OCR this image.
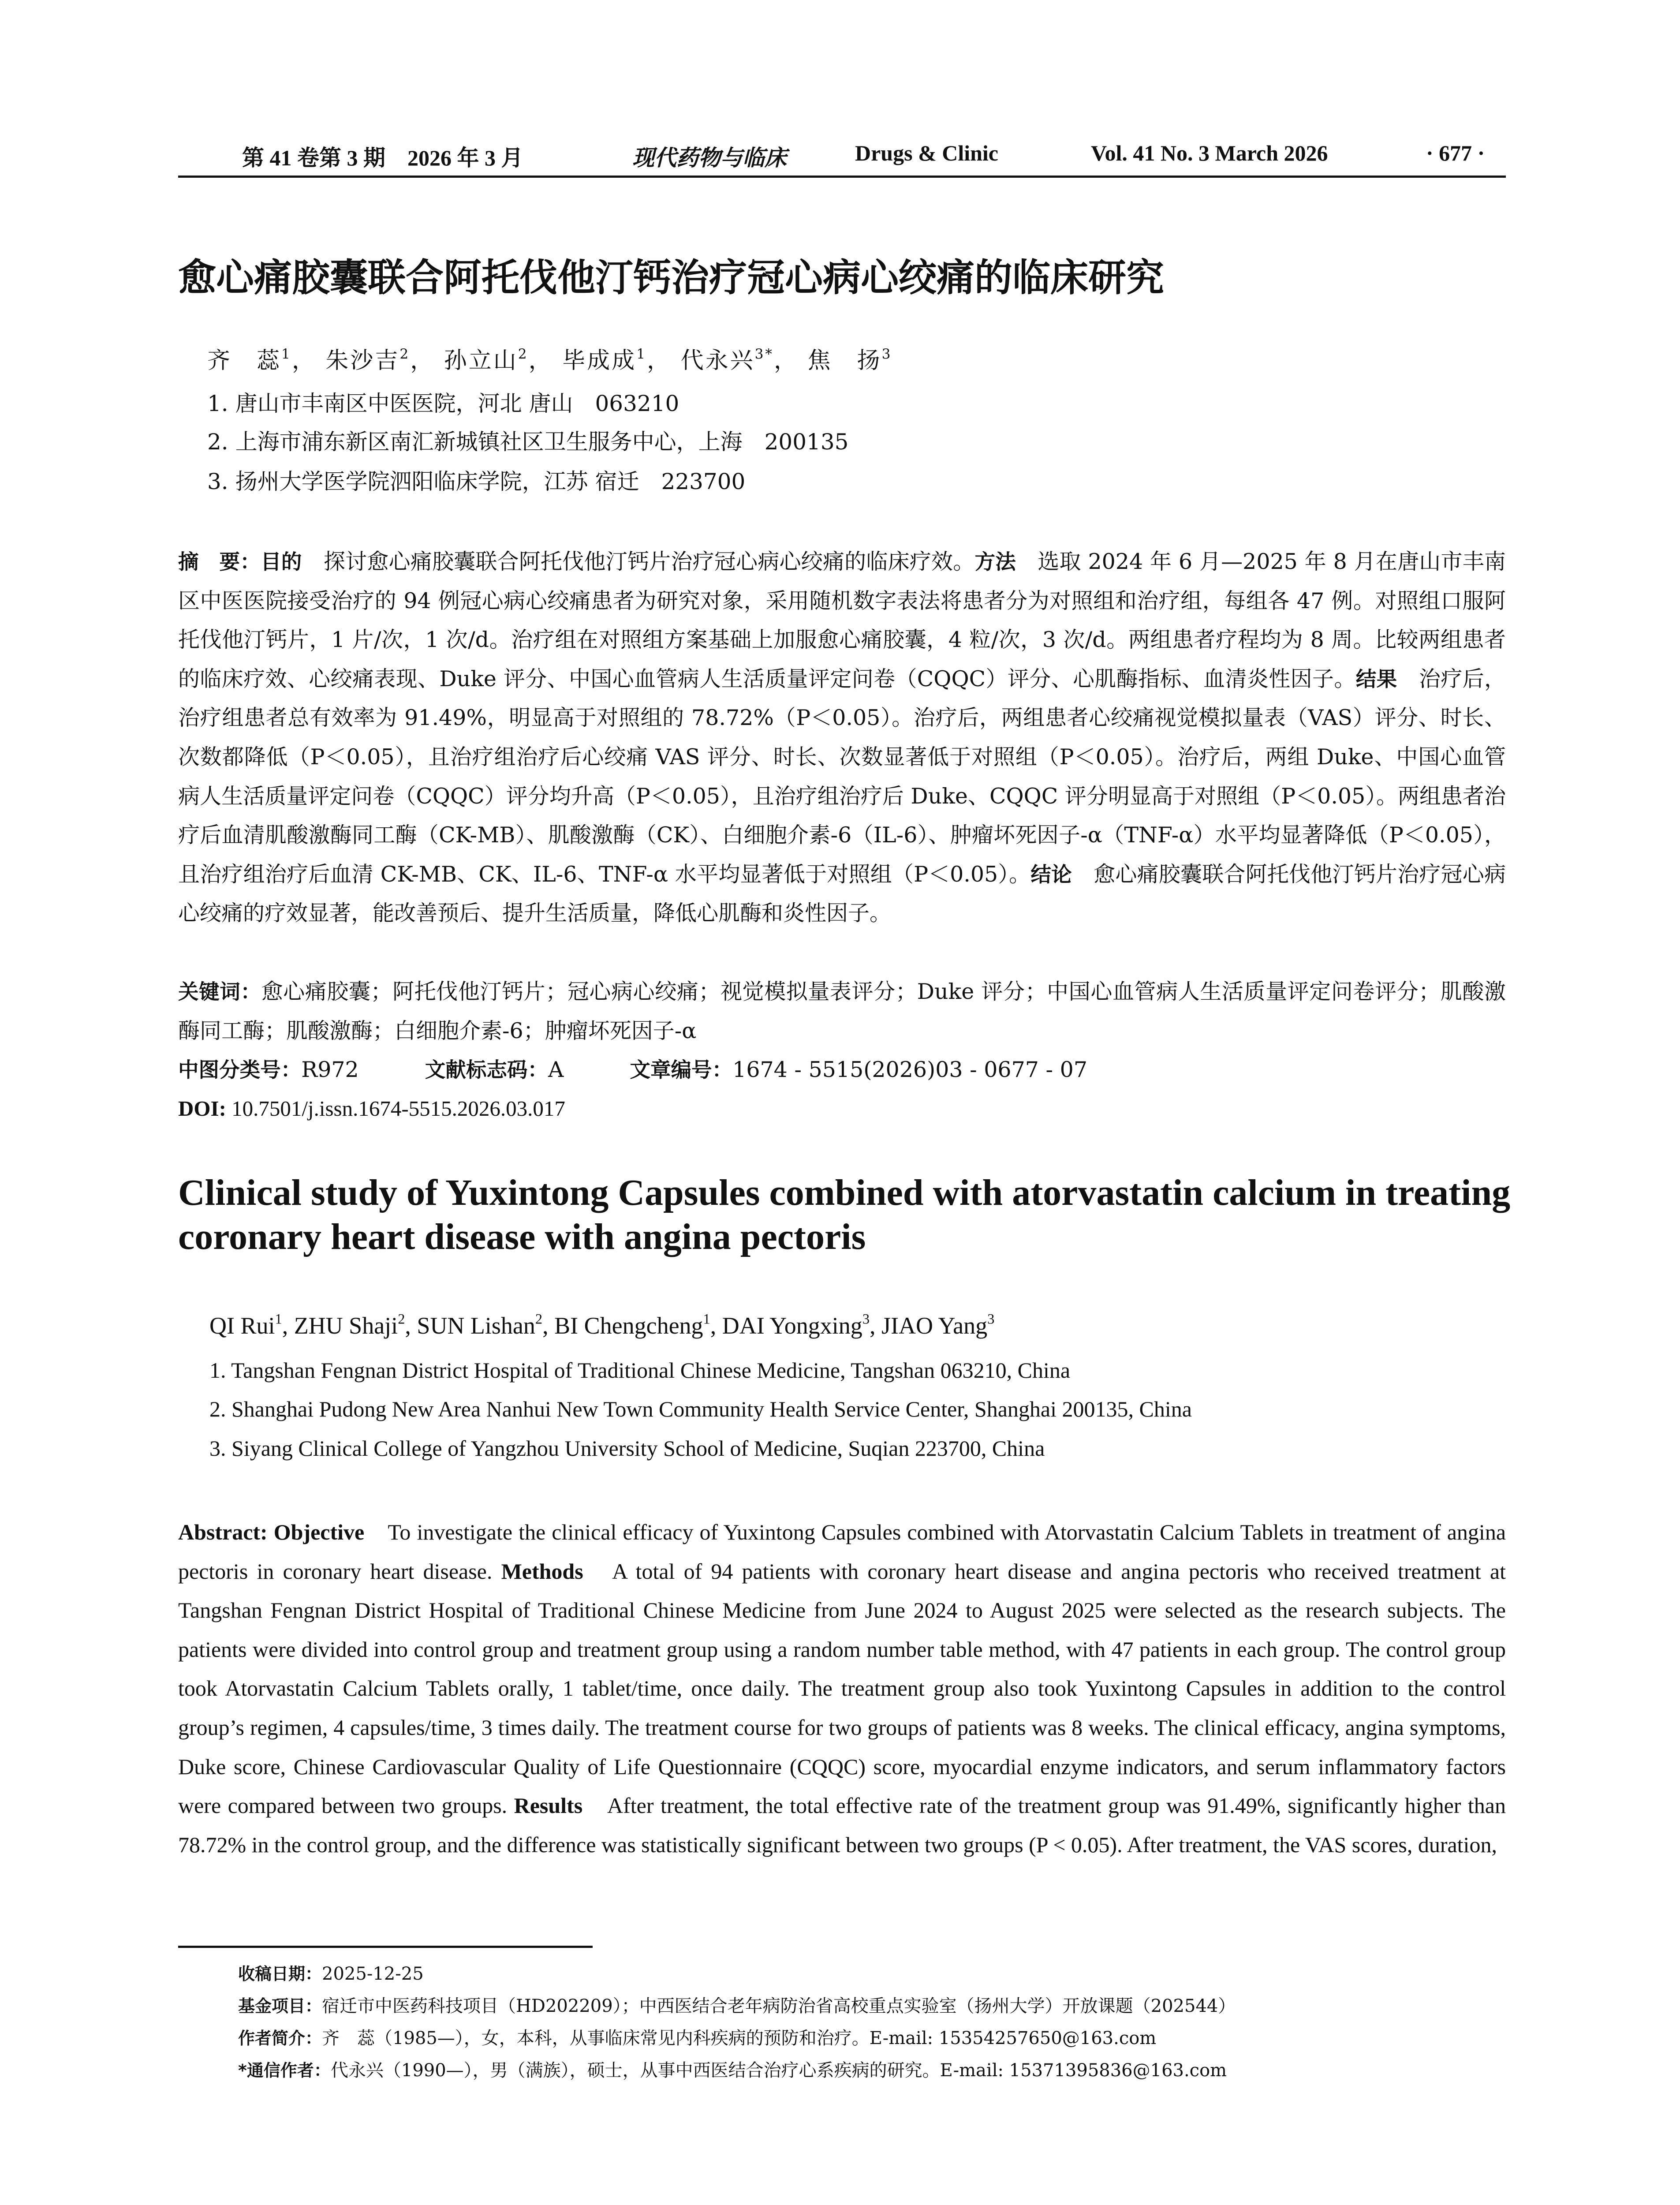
第 41 卷第 3 期　2026 年 3 月	现代药物与临床	Drugs & Clinic	Vol. 41 No. 3 March 2026	· 677 ·
愈心痛胶囊联合阿托伐他汀钙治疗冠心病心绞痛的临床研究
齐　蕊$^1$， 朱沙吉$^2$， 孙立山$^2$， 毕成成$^1$， 代永兴$^{3*}$， 焦　扬$^3$
1. 唐山市丰南区中医医院，河北 唐山　063210
2. 上海市浦东新区南汇新城镇社区卫生服务中心，上海　200135
3. 扬州大学医学院泗阳临床学院，江苏 宿迁　223700
摘　要：目的　探讨愈心痛胶囊联合阿托伐他汀钙片治疗冠心病心绞痛的临床疗效。方法　选取 2024 年 6 月—2025 年 8 月在唐山市丰南区中医医院接受治疗的 94 例冠心病心绞痛患者为研究对象，采用随机数字表法将患者分为对照组和治疗组，每组各 47 例。对照组口服阿托伐他汀钙片，1 片/次，1 次/d。治疗组在对照组方案基础上加服愈心痛胶囊，4 粒/次，3 次/d。两组患者疗程均为 8 周。比较两组患者的临床疗效、心绞痛表现、Duke 评分、中国心血管病人生活质量评定问卷（CQQC）评分、心肌酶指标、血清炎性因子。结果　治疗后，治疗组患者总有效率为 91.49%，明显高于对照组的 78.72%（P＜0.05）。治疗后，两组患者心绞痛视觉模拟量表（VAS）评分、时长、次数都降低（P＜0.05），且治疗组治疗后心绞痛 VAS 评分、时长、次数显著低于对照组（P＜0.05）。治疗后，两组 Duke、中国心血管病人生活质量评定问卷（CQQC）评分均升高（P＜0.05），且治疗组治疗后 Duke、CQQC 评分明显高于对照组（P＜0.05）。两组患者治疗后血清肌酸激酶同工酶（CK-MB）、肌酸激酶（CK）、白细胞介素-6（IL-6）、肿瘤坏死因子-α（TNF-α）水平均显著降低（P＜0.05），且治疗组治疗后血清 CK-MB、CK、IL-6、TNF-α 水平均显著低于对照组（P＜0.05）。结论　愈心痛胶囊联合阿托伐他汀钙片治疗冠心病心绞痛的疗效显著，能改善预后、提升生活质量，降低心肌酶和炎性因子。
关键词：愈心痛胶囊；阿托伐他汀钙片；冠心病心绞痛；视觉模拟量表评分；Duke 评分；中国心血管病人生活质量评定问卷评分；肌酸激酶同工酶；肌酸激酶；白细胞介素-6；肿瘤坏死因子-α
中图分类号：R972	文献标志码：A	文章编号：1674 - 5515(2026)03 - 0677 - 07
DOI: 10.7501/j.issn.1674-5515.2026.03.017
Clinical study of Yuxintong Capsules combined with atorvastatin calcium in treating coronary heart disease with angina pectoris
QI Rui$^1$, ZHU Shaji$^2$, SUN Lishan$^2$, BI Chengcheng$^1$, DAI Yongxing$^3$, JIAO Yang$^3$
1. Tangshan Fengnan District Hospital of Traditional Chinese Medicine, Tangshan 063210, China
2. Shanghai Pudong New Area Nanhui New Town Community Health Service Center, Shanghai 200135, China
3. Siyang Clinical College of Yangzhou University School of Medicine, Suqian 223700, China
Abstract: Objective　To investigate the clinical efficacy of Yuxintong Capsules combined with Atorvastatin Calcium Tablets in treatment of angina pectoris in coronary heart disease. Methods　A total of 94 patients with coronary heart disease and angina pectoris who received treatment at Tangshan Fengnan District Hospital of Traditional Chinese Medicine from June 2024 to August 2025 were selected as the research subjects. The patients were divided into control group and treatment group using a random number table method, with 47 patients in each group. The control group took Atorvastatin Calcium Tablets orally, 1 tablet/time, once daily. The treatment group also took Yuxintong Capsules in addition to the control group’s regimen, 4 capsules/time, 3 times daily. The treatment course for two groups of patients was 8 weeks. The clinical efficacy, angina symptoms, Duke score, Chinese Cardiovascular Quality of Life Questionnaire (CQQC) score, myocardial enzyme indicators, and serum inflammatory factors were compared between two groups. Results　After treatment, the total effective rate of the treatment group was 91.49%, significantly higher than 78.72% in the control group, and the difference was statistically significant between two groups (P < 0.05). After treatment, the VAS scores, duration,
收稿日期：2025-12-25
基金项目：宿迁市中医药科技项目（HD202209）；中西医结合老年病防治省高校重点实验室（扬州大学）开放课题（202544）
作者简介：齐　蕊（1985—），女，本科，从事临床常见内科疾病的预防和治疗。E-mail: 15354257650@163.com
*通信作者：代永兴（1990—），男（满族），硕士，从事中西医结合治疗心系疾病的研究。E-mail: 15371395836@163.com
